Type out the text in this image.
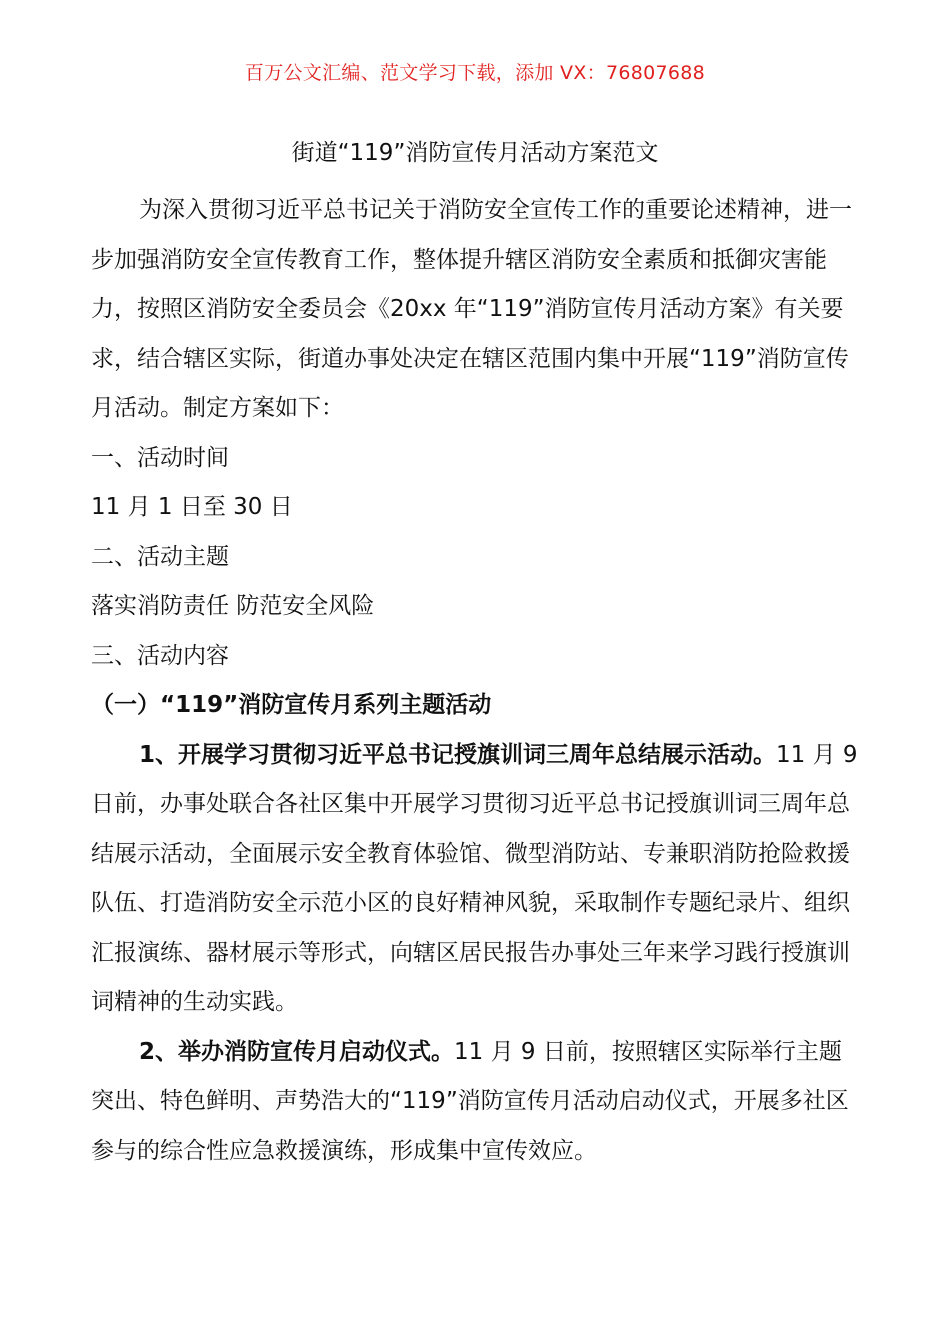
百万公文汇编、范文学习下载，添加 VX：76807688
街道“119”消防宣传月活动方案范文

为深入贯彻习近平总书记关于消防安全宣传工作的重要论述精神，进一步加强消防安全宣传教育工作，整体提升辖区消防安全素质和抵御灾害能力，按照区消防安全委员会《20xx 年“119”消防宣传月活动方案》有关要求，结合辖区实际，街道办事处决定在辖区范围内集中开展“119”消防宣传月活动。制定方案如下：

一、活动时间

11 月 1 日至 30 日

二、活动主题

落实消防责任 防范安全风险

三、活动内容

（一）“119”消防宣传月系列主题活动

1、开展学习贯彻习近平总书记授旗训词三周年总结展示活动。11 月 9 日前，办事处联合各社区集中开展学习贯彻习近平总书记授旗训词三周年总结展示活动，全面展示安全教育体验馆、微型消防站、专兼职消防抢险救援队伍、打造消防安全示范小区的良好精神风貌，采取制作专题纪录片、组织汇报演练、器材展示等形式，向辖区居民报告办事处三年来学习践行授旗训词精神的生动实践。

2、举办消防宣传月启动仪式。11 月 9 日前，按照辖区实际举行主题突出、特色鲜明、声势浩大的“119”消防宣传月活动启动仪式，开展多社区参与的综合性应急救援演练，形成集中宣传效应。
